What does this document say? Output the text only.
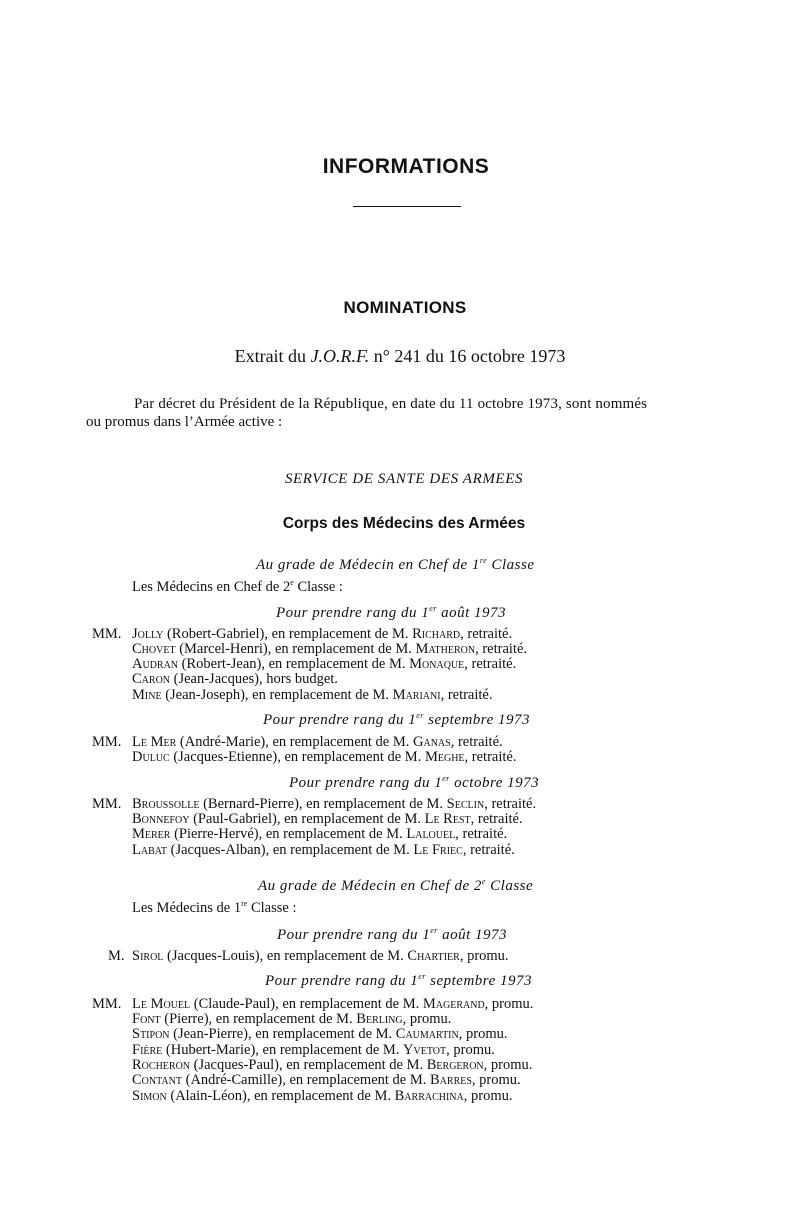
INFORMATIONS
NOMINATIONS
Extrait du J.O.R.F. n° 241 du 16 octobre 1973
Par décret du Président de la République, en date du 11 octobre 1973, sont nommés
ou promus dans l’Armée active :
SERVICE DE SANTE DES ARMEES
Corps des Médecins des Armées
Au grade de Médecin en Chef de 1re Classe
Les Médecins en Chef de 2e Classe :
Pour prendre rang du 1er août 1973
MM. Jolly (Robert-Gabriel), en remplacement de M. Richard, retraité.
Chovet (Marcel-Henri), en remplacement de M. Matheron, retraité.
Audran (Robert-Jean), en remplacement de M. Monaque, retraité.
Caron (Jean-Jacques), hors budget.
Mine (Jean-Joseph), en remplacement de M. Mariani, retraité.
Pour prendre rang du 1er septembre 1973
MM. Le Mer (André-Marie), en remplacement de M. Ganas, retraité.
Duluc (Jacques-Etienne), en remplacement de M. Meghe, retraité.
Pour prendre rang du 1er octobre 1973
MM. Broussolle (Bernard-Pierre), en remplacement de M. Seclin, retraité.
Bonnefoy (Paul-Gabriel), en remplacement de M. Le Rest, retraité.
Merer (Pierre-Hervé), en remplacement de M. Lalouel, retraité.
Labat (Jacques-Alban), en remplacement de M. Le Friec, retraité.
Au grade de Médecin en Chef de 2e Classe
Les Médecins de 1re Classe :
Pour prendre rang du 1er août 1973
M. Sirol (Jacques-Louis), en remplacement de M. Chartier, promu.
Pour prendre rang du 1er septembre 1973
MM. Le Mouel (Claude-Paul), en remplacement de M. Magerand, promu.
Font (Pierre), en remplacement de M. Berling, promu.
Stipon (Jean-Pierre), en remplacement de M. Caumartin, promu.
Fière (Hubert-Marie), en remplacement de M. Yvetot, promu.
Rocheron (Jacques-Paul), en remplacement de M. Bergeron, promu.
Contant (André-Camille), en remplacement de M. Barres, promu.
Simon (Alain-Léon), en remplacement de M. Barrachina, promu.
